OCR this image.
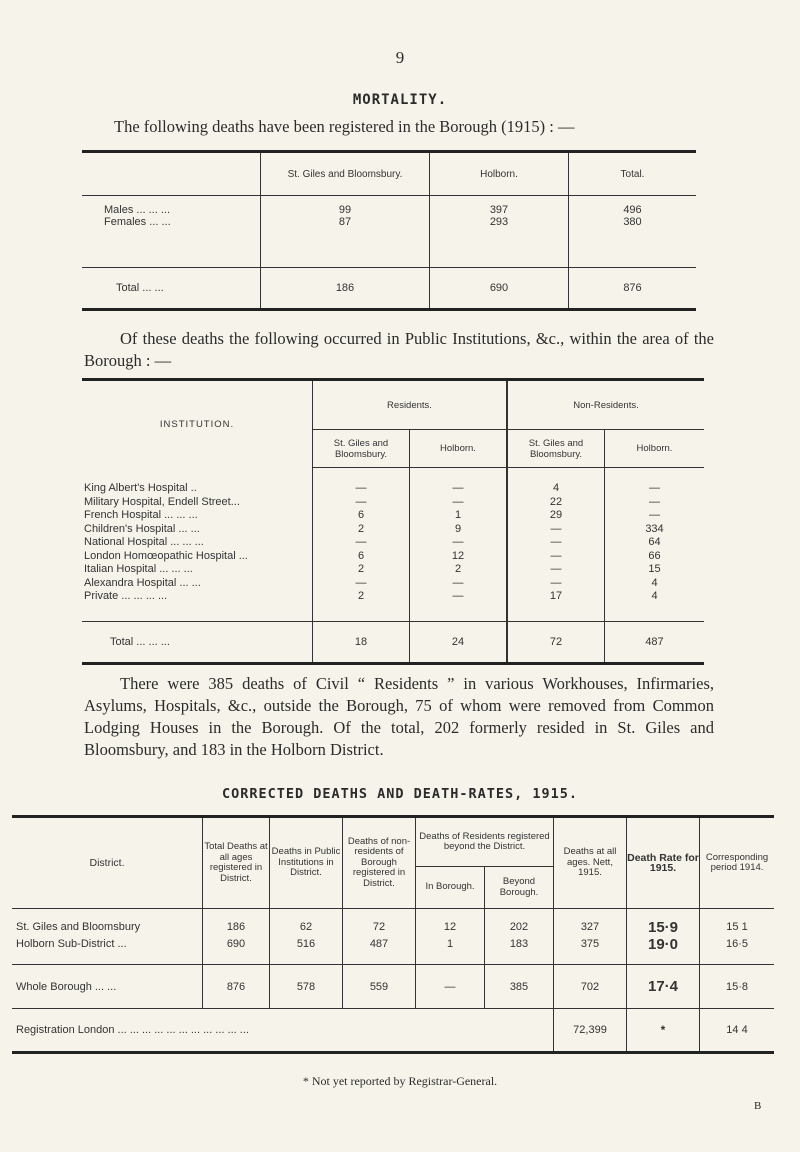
9
MORTALITY.
The following deaths have been registered in the Borough (1915) : —
	St. Giles and Bloomsbury.	Holborn.	Total.

Males ... ... ...	99	397	496
Females ... ...	87	293	380

Total ... ...	186	690	876
Of these deaths the following occurred in Public Institutions, &c., within the area of the Borough : —
INSTITUTION.	Residents.		Non-Residents.	
	St. Giles and Bloomsbury.	Holborn.	St. Giles and Bloomsbury.	Holborn.

King Albert's Hospital ..	—	—	4	—
Military Hospital, Endell Street...	—	—	22	—
French Hospital ... ... ...	6	1	29	—
Children's Hospital ... ...	2	9	—	334
National Hospital ... ... ...	—	—	—	64
London Homœopathic Hospital ...	6	12	—	66
Italian Hospital ... ... ...	2	2	—	15
Alexandra Hospital ... ...	—	—	—	4
Private ... ... ... ...	2	—	17	4

Total ... ... ...	18	24	72	487
There were 385 deaths of Civil “ Residents ” in various Workhouses, Infirmaries, Asylums, Hospitals, &c., outside the Borough, 75 of whom were removed from Common Lodging Houses in the Borough. Of the total, 202 formerly resided in St. Giles and Bloomsbury, and 183 in the Holborn District.
CORRECTED DEATHS AND DEATH-RATES, 1915.
District.	Total Deaths at all ages registered in District.	Deaths in Public Institutions in District.	Deaths of non-residents of Borough registered in District.	Deaths of Residents registered beyond the District.		Deaths at all ages. Nett, 1915.	Death Rate for 1915.	Corresponding period 1914.
				In Borough.	Beyond Borough.			

St. Giles and Bloomsbury	186	62	72	12	202	327	15·9	15 1
Holborn Sub-District ...	690	516	487	1	183	375	19·0	16·5

Whole Borough ... ...	876	578	559	—	385	702	17·4	15·8
Registration London ... ... ... ... ... ... ... ... ... ... ...						72,399	*	14 4
* Not yet reported by Registrar-General.
B
